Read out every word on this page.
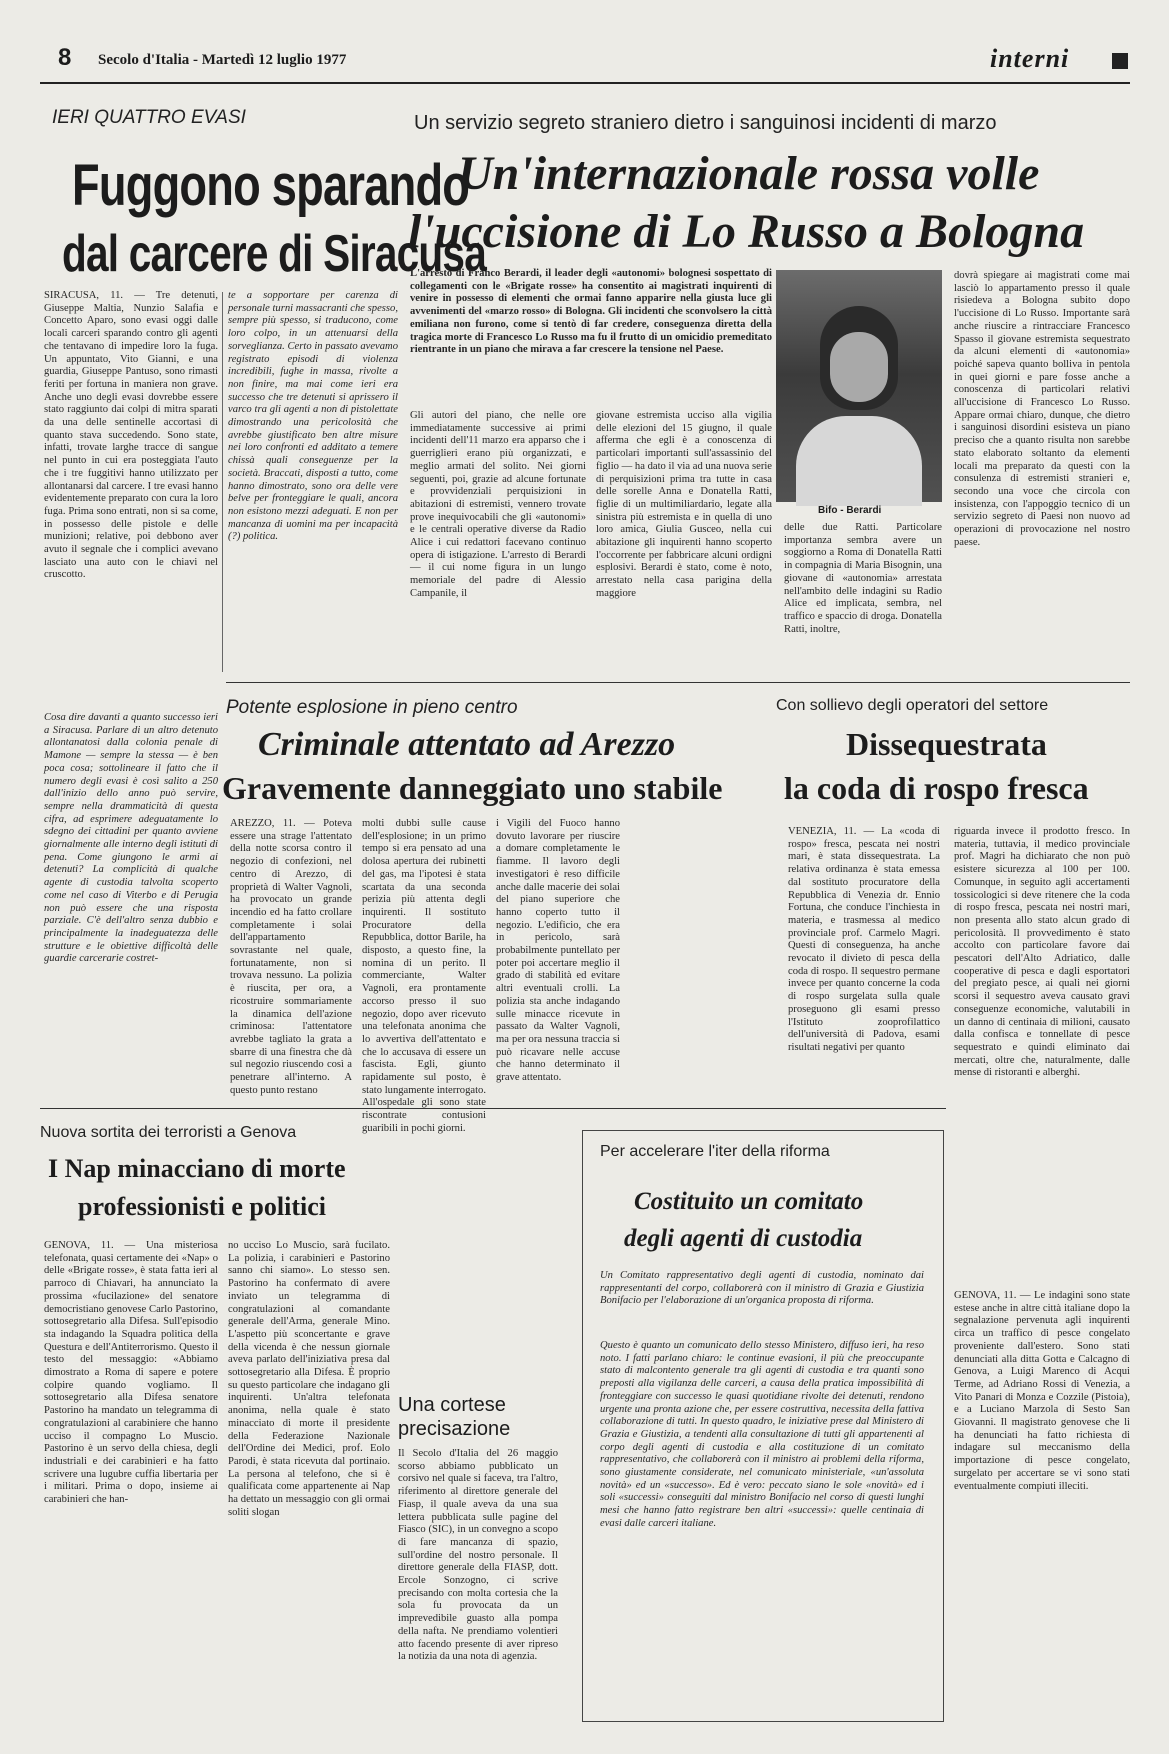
8 Secolo d'Italia - Martedì 12 luglio 1977	interni
IERI QUATTRO EVASI
Fuggono sparando
dal carcere di Siracusa
SIRACUSA, 11. — Tre detenuti, Giuseppe Maltia, Nunzio Salafia e Concetto Aparo, sono evasi oggi dalle locali carceri sparando contro gli agenti che tentavano di impedire loro la fuga. Un appuntato, Vito Gianni, e una guardia, Giuseppe Pantuso, sono rimasti feriti per fortuna in maniera non grave. Anche uno degli evasi dovrebbe essere stato raggiunto dai colpi di mitra sparati da una delle sentinelle accortasi di quanto stava succedendo. Sono state, infatti, trovate larghe tracce di sangue nel punto in cui era posteggiata l'auto che i tre fuggitivi hanno utilizzato per allontanarsi dal carcere. I tre evasi hanno evidentemente preparato con cura la loro fuga. Prima sono entrati, non si sa come, in possesso delle pistole e delle munizioni; relative, poi debbono aver avuto il segnale che i complici avevano lasciato una auto con le chiavi nel cruscotto.
te a sopportare per carenza di personale turni massacranti che spesso, sempre più spesso, si traducono, come loro colpo, in un attenuarsi della sorveglianza. Certo in passato avevamo registrato episodi di violenza incredibili, fughe in massa, rivolte a non finire, ma mai come ieri era successo che tre detenuti si aprissero il varco tra gli agenti a non di pistolettate dimostrando una pericolosità che avrebbe giustificato ben altre misure nei loro confronti ed additato a temere chissà quali conseguenze per la società. Braccati, disposti a tutto, come hanno dimostrato, sono ora delle vere belve per fronteggiare le quali, ancora non esistono mezzi adeguati. E non per mancanza di uomini ma per incapacità (?) politica.
Cosa dire davanti a quanto successo ieri a Siracusa. Parlare di un altro detenuto allontanatosi dalla colonia penale di Mamone — sempre la stessa — è ben poca cosa; sottolineare il fatto che il numero degli evasi è così salito a 250 dall'inizio dello anno può servire, sempre nella drammaticità di questa cifra, ad esprimere adeguatamente lo sdegno dei cittadini per quanto avviene giornalmente alle interno degli istituti di pena. Come giungono le armi ai detenuti? La complicità di qualche agente di custodia talvolta scoperto come nel caso di Viterbo e di Perugia non può essere che una risposta parziale. C'è dell'altro senza dubbio e principalmente la inadeguatezza delle strutture e le obiettive difficoltà delle guardie carcerarie costret-
Un servizio segreto straniero dietro i sanguinosi incidenti di marzo
Un'internazionale rossa volle
l'uccisione di Lo Russo a Bologna
L'arresto di Franco Berardi, il leader degli «autonomi» bolognesi sospettato di collegamenti con le «Brigate rosse» ha consentito ai magistrati inquirenti di venire in possesso di elementi che ormai fanno apparire nella giusta luce gli avvenimenti del «marzo rosso» di Bologna. Gli incidenti che sconvolsero la città emiliana non furono, come si tentò di far credere, conseguenza diretta della tragica morte di Francesco Lo Russo ma fu il frutto di un omicidio premeditato rientrante in un piano che mirava a far crescere la tensione nel Paese.
Gli autori del piano, che nelle ore immediatamente successive ai primi incidenti dell'11 marzo era apparso che i guerriglieri erano più organizzati, e meglio armati del solito. Nei giorni seguenti, poi, grazie ad alcune fortunate e provvidenziali perquisizioni in abitazioni di estremisti, vennero trovate prove inequivocabili che gli «autonomi» e le centrali operative diverse da Radio Alice i cui redattori facevano continuo opera di istigazione. L'arresto di Berardi — il cui nome figura in un lungo memoriale del padre di Alessio Campanile, il
giovane estremista ucciso alla vigilia delle elezioni del 15 giugno, il quale afferma che egli è a conoscenza di particolari importanti sull'assassinio del figlio — ha dato il via ad una nuova serie di perquisizioni prima tra tutte in casa delle sorelle Anna e Donatella Ratti, figlie di un multimiliardario, legate alla sinistra più estremista e in quella di uno loro amica, Giulia Gusceo, nella cui abitazione gli inquirenti hanno scoperto l'occorrente per fabbricare alcuni ordigni esplosivi. Berardi è stato, come è noto, arrestato nella casa parigina della maggiore
Bifo - Berardi
delle due Ratti. Particolare importanza sembra avere un soggiorno a Roma di Donatella Ratti in compagnia di Maria Bisognin, una giovane di «autonomia» arrestata nell'ambito delle indagini su Radio Alice ed implicata, sembra, nel traffico e spaccio di droga. Donatella Ratti, inoltre,
dovrà spiegare ai magistrati come mai lasciò lo appartamento presso il quale risiedeva a Bologna subito dopo l'uccisione di Lo Russo. Importante sarà anche riuscire a rintracciare Francesco Spasso il giovane estremista sequestrato da alcuni elementi di «autonomia» poiché sapeva quanto bolliva in pentola in quei giorni e pare fosse anche a conoscenza di particolari relativi all'uccisione di Francesco Lo Russo. Appare ormai chiaro, dunque, che dietro i sanguinosi disordini esisteva un piano preciso che a quanto risulta non sarebbe stato elaborato soltanto da elementi locali ma preparato da questi con la consulenza di estremisti stranieri e, secondo una voce che circola con insistenza, con l'appoggio tecnico di un servizio segreto di Paesi non nuovo ad operazioni di provocazione nel nostro paese.
Potente esplosione in pieno centro
Criminale attentato ad Arezzo
Gravemente danneggiato uno stabile
AREZZO, 11. — Poteva essere una strage l'attentato della notte scorsa contro il negozio di confezioni, nel centro di Arezzo, di proprietà di Walter Vagnoli, ha provocato un grande incendio ed ha fatto crollare completamente i solai dell'appartamento sovrastante nel quale, fortunatamente, non si trovava nessuno. La polizia è riuscita, per ora, a ricostruire sommariamente la dinamica dell'azione criminosa: l'attentatore avrebbe tagliato la grata a sbarre di una finestra che dà sul negozio riuscendo così a penetrare all'interno. A questo punto restano
molti dubbi sulle cause dell'esplosione; in un primo tempo si era pensato ad una dolosa apertura dei rubinetti del gas, ma l'ipotesi è stata scartata da una seconda perizia più attenta degli inquirenti. Il sostituto Procuratore della Repubblica, dottor Barile, ha disposto, a questo fine, la nomina di un perito. Il commerciante, Walter Vagnoli, era prontamente accorso presso il suo negozio, dopo aver ricevuto una telefonata anonima che lo avvertiva dell'attentato e che lo accusava di essere un fascista. Egli, giunto rapidamente sul posto, è stato lungamente interrogato. All'ospedale gli sono state riscontrate contusioni guaribili in pochi giorni.
i Vigili del Fuoco hanno dovuto lavorare per riuscire a domare completamente le fiamme. Il lavoro degli investigatori è reso difficile anche dalle macerie dei solai del piano superiore che hanno coperto tutto il negozio. L'edificio, che era in pericolo, sarà probabilmente puntellato per poter poi accertare meglio il grado di stabilità ed evitare altri eventuali crolli. La polizia sta anche indagando sulle minacce ricevute in passato da Walter Vagnoli, ma per ora nessuna traccia si può ricavare nelle accuse che hanno determinato il grave attentato.
Con sollievo degli operatori del settore
Dissequestrata
la coda di rospo fresca
VENEZIA, 11. — La «coda di rospo» fresca, pescata nei nostri mari, è stata dissequestrata. La relativa ordinanza è stata emessa dal sostituto procuratore della Repubblica di Venezia dr. Ennio Fortuna, che conduce l'inchiesta in materia, e trasmessa al medico provinciale prof. Carmelo Magri. Questi di conseguenza, ha anche revocato il divieto di pesca della coda di rospo. Il sequestro permane invece per quanto concerne la coda di rospo surgelata sulla quale proseguono gli esami presso l'Istituto zooprofilattico dell'università di Padova, esami risultati negativi per quanto
riguarda invece il prodotto fresco. In materia, tuttavia, il medico provinciale prof. Magri ha dichiarato che non può esistere sicurezza al 100 per 100. Comunque, in seguito agli accertamenti tossicologici si deve ritenere che la coda di rospo fresca, pescata nei nostri mari, non presenta allo stato alcun grado di pericolosità. Il provvedimento è stato accolto con particolare favore dai pescatori dell'Alto Adriatico, dalle cooperative di pesca e dagli esportatori del pregiato pesce, ai quali nei giorni scorsi il sequestro aveva causato gravi conseguenze economiche, valutabili in un danno di centinaia di milioni, causato dalla confisca e tonnellate di pesce sequestrato e quindi eliminato dai mercati, oltre che, naturalmente, dalle mense di ristoranti e alberghi.
GENOVA, 11. — Le indagini sono state estese anche in altre città italiane dopo la segnalazione pervenuta agli inquirenti circa un traffico di pesce congelato proveniente dall'estero. Sono stati denunciati alla ditta Gotta e Calcagno di Genova, a Luigi Marenco di Acqui Terme, ad Adriano Rossi di Venezia, a Vito Panari di Monza e Cozzile (Pistoia), e a Luciano Marzola di Sesto San Giovanni. Il magistrato genovese che li ha denunciati ha fatto richiesta di indagare sul meccanismo della importazione di pesce congelato, surgelato per accertare se vi sono stati eventualmente compiuti illeciti.
Nuova sortita dei terroristi a Genova
I Nap minacciano di morte
professionisti e politici
GENOVA, 11. — Una misteriosa telefonata, quasi certamente dei «Nap» o delle «Brigate rosse», è stata fatta ieri al parroco di Chiavari, ha annunciato la prossima «fucilazione» del senatore democristiano genovese Carlo Pastorino, sottosegretario alla Difesa. Sull'episodio sta indagando la Squadra politica della Questura e dell'Antiterrorismo. Questo il testo del messaggio: «Abbiamo dimostrato a Roma di sapere e potere colpire quando vogliamo. Il sottosegretario alla Difesa senatore Pastorino ha mandato un telegramma di congratulazioni al carabiniere che hanno ucciso il compagno Lo Muscio. Pastorino è un servo della chiesa, degli industriali e dei carabinieri e ha fatto scrivere una lugubre cuffia libertaria per i militari. Prima o dopo, insieme ai carabinieri che han-
no ucciso Lo Muscio, sarà fucilato. La polizia, i carabinieri e Pastorino sanno chi siamo». Lo stesso sen. Pastorino ha confermato di avere inviato un telegramma di congratulazioni al comandante generale dell'Arma, generale Mino. L'aspetto più sconcertante e grave della vicenda è che nessun giornale aveva parlato dell'iniziativa presa dal sottosegretario alla Difesa. È proprio su questo particolare che indagano gli inquirenti. Un'altra telefonata anonima, nella quale è stato minacciato di morte il presidente della Federazione Nazionale dell'Ordine dei Medici, prof. Eolo Parodi, è stata ricevuta dal portinaio. La persona al telefono, che si è qualificata come appartenente ai Nap ha dettato un messaggio con gli ormai soliti slogan
Una cortese
precisazione
Il Secolo d'Italia del 26 maggio scorso abbiamo pubblicato un corsivo nel quale si faceva, tra l'altro, riferimento al direttore generale del Fiasp, il quale aveva da una sua lettera pubblicata sulle pagine del Fiasco (SIC), in un convegno a scopo di fare mancanza di spazio, sull'ordine del nostro personale. Il direttore generale della FIASP, dott. Ercole Sonzogno, ci scrive precisando con molta cortesia che la sola fu provocata da un imprevedibile guasto alla pompa della nafta. Ne prendiamo volentieri atto facendo presente di aver ripreso la notizia da una nota di agenzia.
Per accelerare l'iter della riforma
Costituito un comitato
degli agenti di custodia
Un Comitato rappresentativo degli agenti di custodia, nominato dai rappresentanti del corpo, collaborerà con il ministro di Grazia e Giustizia Bonifacio per l'elaborazione di un'organica proposta di riforma.
Questo è quanto un comunicato dello stesso Ministero, diffuso ieri, ha reso noto. I fatti parlano chiaro: le continue evasioni, il più che preoccupante stato di malcontento generale tra gli agenti di custodia e tra quanti sono preposti alla vigilanza delle carceri, a causa della pratica impossibilità di fronteggiare con successo le quasi quotidiane rivolte dei detenuti, rendono urgente una pronta azione che, per essere costruttiva, necessita della fattiva collaborazione di tutti. In questo quadro, le iniziative prese dal Ministero di Grazia e Giustizia, a tendenti alla consultazione di tutti gli appartenenti al corpo degli agenti di custodia e alla costituzione di un comitato rappresentativo, che collaborerà con il ministro ai problemi della riforma, sono giustamente considerate, nel comunicato ministeriale, «un'assoluta novità» ed un «successo». Ed è vero: peccato siano le sole «novità» ed i soli «successi» conseguiti dal ministro Bonifacio nel corso di questi lunghi mesi che hanno fatto registrare ben altri «successi»: quelle centinaia di evasi dalle carceri italiane.
